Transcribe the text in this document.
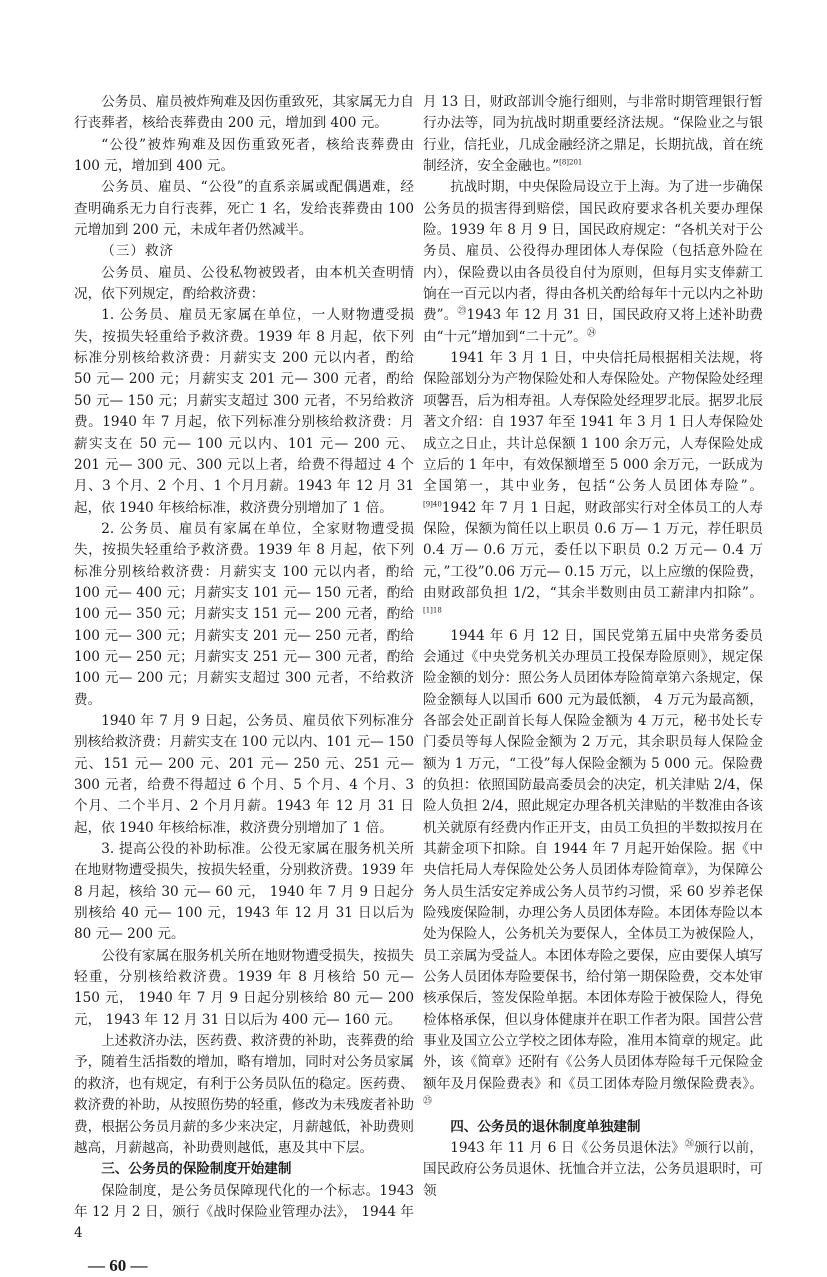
公务员、雇员被炸殉难及因伤重致死，其家属无力自行丧葬者，核给丧葬费由 200 元，增加到 400 元。

“公役”被炸殉难及因伤重致死者，核给丧葬费由 100 元，增加到 400 元。

公务员、雇员、“公役”的直系亲属或配偶遇难，经查明确系无力自行丧葬，死亡 1 名，发给丧葬费由 100 元增加到 200 元，未成年者仍然减半。

（三）救济

公务员、雇员、公役私物被毁者，由本机关查明情况，依下列规定，酌给救济费：

1. 公务员、雇员无家属在单位，一人财物遭受损失，按损失轻重给予救济费。1939 年 8 月起，依下列标准分别核给救济费：月薪实支 200 元以内者，酌给 50 元— 200 元；月薪实支 201 元— 300 元者，酌给 50 元— 150 元；月薪实支超过 300 元者，不另给救济费。1940 年 7 月起，依下列标准分别核给救济费：月薪实支在 50 元— 100 元以内、101 元— 200 元、201 元— 300 元、300 元以上者，给费不得超过 4 个月、3 个月、2 个月、1 个月月薪。1943 年 12 月 31 起，依 1940 年核给标准，救济费分别增加了 1 倍。

2. 公务员、雇员有家属在单位，全家财物遭受损失，按损失轻重给予救济费。1939 年 8 月起，依下列标准分别核给救济费：月薪实支 100 元以内者，酌给 100 元— 400 元；月薪实支 101 元— 150 元者，酌给 100 元— 350 元；月薪实支 151 元— 200 元者，酌给 100 元— 300 元；月薪实支 201 元— 250 元者，酌给 100 元— 250 元；月薪实支 251 元— 300 元者，酌给 100 元— 200 元；月薪实支超过 300 元者，不给救济费。

1940 年 7 月 9 日起，公务员、雇员依下列标准分别核给救济费：月薪实支在 100 元以内、101 元— 150 元、151 元— 200 元、201 元— 250 元、251 元— 300 元者，给费不得超过 6 个月、5 个月、4 个月、3 个月、二个半月、2 个月月薪。1943 年 12 月 31 日起，依 1940 年核给标准，救济费分别增加了 1 倍。

3. 提高公役的补助标准。公役无家属在服务机关所在地财物遭受损失，按损失轻重，分别救济费。1939 年 8 月起，核给 30 元— 60 元， 1940 年 7 月 9 日起分别核给 40 元— 100 元，1943 年 12 月 31 日以后为 80 元— 200 元。

公役有家属在服务机关所在地财物遭受损失，按损失轻重，分别核给救济费。1939 年 8 月核给 50 元— 150 元， 1940 年 7 月 9 日起分别核给 80 元— 200 元， 1943 年 12 月 31 日以后为 400 元— 160 元。

上述救济办法，医药费、救济费的补助，丧葬费的给予，随着生活指数的增加，略有增加，同时对公务员家属的救济，也有规定，有利于公务员队伍的稳定。医药费、救济费的补助，从按照伤势的轻重，修改为未残废者补助费，根据公务员月薪的多少来决定，月薪越低，补助费则越高，月薪越高，补助费则越低，惠及其中下层。

三、公务员的保险制度开始建制

保险制度，是公务员保障现代化的一个标志。1943 年 12 月 2 日，颁行《战时保险业管理办法》， 1944 年 4

— 60 —

月 13 日，财政部训令施行细则，与非常时期管理银行暂行办法等，同为抗战时期重要经济法规。“保险业之与银行业，信托业，几成金融经济之鼎足，长期抗战，首在统制经济，安全金融也。”$^{[8]201}$

抗战时期，中央保险局设立于上海。为了进一步确保公务员的损害得到赔偿，国民政府要求各机关要办理保险。1939 年 8 月 9 日，国民政府规定：“各机关对于公务员、雇员、公役得办理团体人寿保险（包括意外险在内），保险费以由各员役自付为原则，但每月实支俸薪工饷在一百元以内者，得由各机关酌给每年十元以内之补助费”。$^㉓$1943 年 12 月 31 日，国民政府又将上述补助费由“十元”增加到“二十元”。$^㉔$

1941 年 3 月 1 日，中央信托局根据相关法规，将保险部划分为产物保险处和人寿保险处。产物保险处经理项馨吾，后为相寿祖。人寿保险处经理罗北辰。据罗北辰著文介绍：自 1937 年至 1941 年 3 月 1 日人寿保险处成立之日止，共计总保额 1 100 余万元，人寿保险处成立后的 1 年中，有效保额增至 5 000 余万元，一跃成为全国第一，其中业务，包括“公务人员团体寿险”。$^{[9]40}$1942 年 7 月 1 日起，财政部实行对全体员工的人寿保险，保额为简任以上职员 0.6 万— 1 万元，荐任职员 0.4 万— 0.6 万元，委任以下职员 0.2 万元— 0.4 万元，”工役”0.06 万元— 0.15 万元，以上应缴的保险费，由财政部负担 1/2，“其余半数则由员工薪津内扣除”。$^{[1]18}$

1944 年 6 月 12 日，国民党第五届中央常务委员会通过《中央党务机关办理员工投保寿险原则》，规定保险金额的划分：照公务人员团体寿险简章第六条规定，保险金额每人以国币 600 元为最低额， 4 万元为最高额，各部会处正副首长每人保险金额为 4 万元，秘书处长专门委员等每人保险金额为 2 万元，其余职员每人保险金额为 1 万元，“工役”每人保险金额为 5 000 元。保险费的负担：依照国防最高委员会的决定，机关津贴 2/4，保险人负担 2/4，照此规定办理各机关津贴的半数准由各该机关就原有经费内作正开支，由员工负担的半数拟按月在其薪金项下扣除。自 1944 年 7 月起开始保险。据《中央信托局人寿保险处公务人员团体寿险简章》，为保障公务人员生活安定养成公务人员节约习惯，采 60 岁养老保险残废保险制，办理公务人员团体寿险。本团体寿险以本处为保险人，公务机关为要保人，全体员工为被保险人，员工亲属为受益人。本团体寿险之要保，应由要保人填写公务人员团体寿险要保书，给付第一期保险费，交本处审核承保后，签发保险单据。本团体寿险于被保险人，得免检体格承保，但以身体健康并在职工作者为限。国营公营事业及国立公立学校之团体寿险，准用本简章的规定。此外，该《简章》还附有《公务人员团体寿险每千元保险金额年及月保险费表》和《员工团体寿险月缴保险费表》。$^㉕$

四、公务员的退休制度单独建制

1943 年 11 月 6 日《公务员退休法》$^㉖$颁行以前，国民政府公务员退休、抚恤合并立法，公务员退职时，可领
